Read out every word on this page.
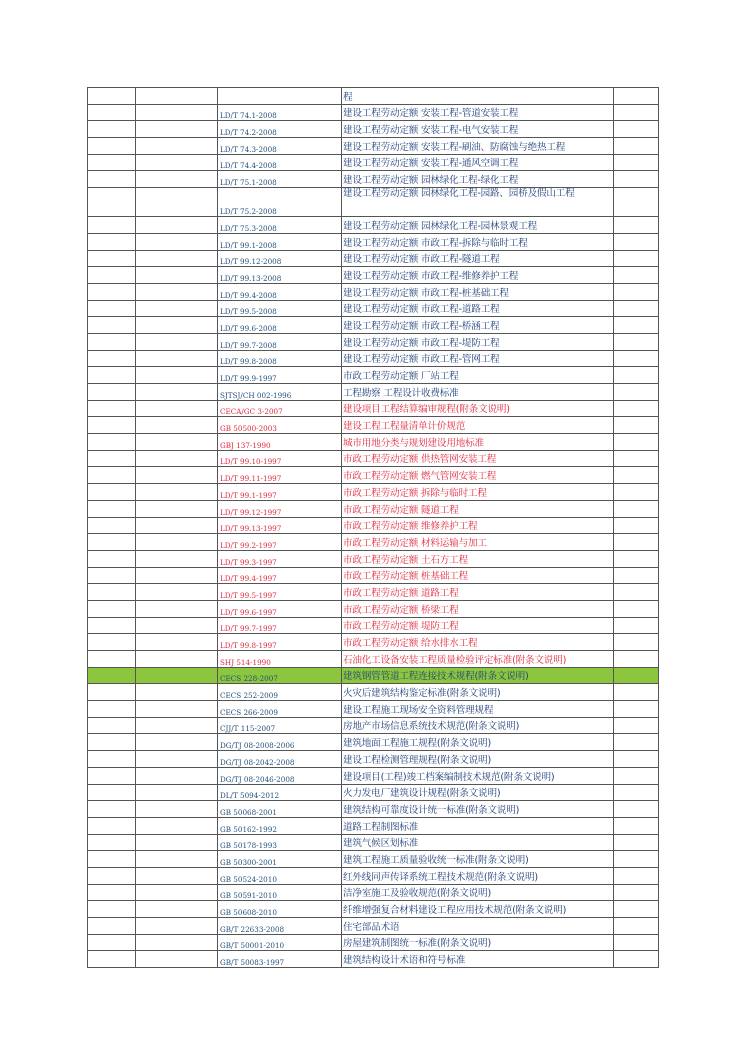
			程	
		LD/T 74.1-2008	建设工程劳动定额 安装工程-管道安装工程	
		LD/T 74.2-2008	建设工程劳动定额 安装工程-电气安装工程	
		LD/T 74.3-2008	建设工程劳动定额 安装工程-刷油、防腐蚀与绝热工程	
		LD/T 74.4-2008	建设工程劳动定额 安装工程-通风空调工程	
		LD/T 75.1-2008	建设工程劳动定额 园林绿化工程-绿化工程	
		LD/T 75.2-2008	建设工程劳动定额 园林绿化工程-园路、园桥及假山工程	
		LD/T 75.3-2008	建设工程劳动定额 园林绿化工程-园林景观工程	
		LD/T 99.1-2008	建设工程劳动定额 市政工程-拆除与临时工程	
		LD/T 99.12-2008	建设工程劳动定额 市政工程-隧道工程	
		LD/T 99.13-2008	建设工程劳动定额 市政工程-维修养护工程	
		LD/T 99.4-2008	建设工程劳动定额 市政工程-桩基础工程	
		LD/T 99.5-2008	建设工程劳动定额 市政工程-道路工程	
		LD/T 99.6-2008	建设工程劳动定额 市政工程-桥涵工程	
		LD/T 99.7-2008	建设工程劳动定额 市政工程-堤防工程	
		LD/T 99.8-2008	建设工程劳动定额 市政工程-管网工程	
		LD/T 99.9-1997	市政工程劳动定额 厂站工程	
		SJTSJ/CH 002-1996	工程勘察 工程设计收费标准	
		CECA/GC 3-2007	建设项目工程结算编审规程(附条文说明)	
		GB 50500-2003	建设工程工程量清单计价规范	
		GBJ 137-1990	城市用地分类与规划建设用地标准	
		LD/T 99.10-1997	市政工程劳动定额 供热管网安装工程	
		LD/T 99.11-1997	市政工程劳动定额 燃气管网安装工程	
		LD/T 99.1-1997	市政工程劳动定额 拆除与临时工程	
		LD/T 99.12-1997	市政工程劳动定额 隧道工程	
		LD/T 99.13-1997	市政工程劳动定额 维修养护工程	
		LD/T 99.2-1997	市政工程劳动定额 材料运输与加工	
		LD/T 99.3-1997	市政工程劳动定额 土石方工程	
		LD/T 99.4-1997	市政工程劳动定额 桩基础工程	
		LD/T 99.5-1997	市政工程劳动定额 道路工程	
		LD/T 99.6-1997	市政工程劳动定额 桥梁工程	
		LD/T 99.7-1997	市政工程劳动定额 堤防工程	
		LD/T 99.8-1997	市政工程劳动定额 给水排水工程	
		SHJ 514-1990	石油化工设备安装工程质量检验评定标准(附条文说明)	
		CECS 228-2007	建筑钢管管道工程连接技术规程(附条文说明)	
		CECS 252-2009	火灾后建筑结构鉴定标准(附条文说明)	
		CECS 266-2009	建设工程施工现场安全资料管理规程	
		CJJ/T 115-2007	房地产市场信息系统技术规范(附条文说明)	
		DG/TJ 08-2008-2006	建筑地面工程施工规程(附条文说明)	
		DG/TJ 08-2042-2008	建设工程检测管理规程(附条文说明)	
		DG/TJ 08-2046-2008	建设项目(工程)竣工档案编制技术规范(附条文说明)	
		DL/T 5094-2012	火力发电厂建筑设计规程(附条文说明)	
		GB 50068-2001	建筑结构可靠度设计统一标准(附条文说明)	
		GB 50162-1992	道路工程制图标准	
		GB 50178-1993	建筑气候区划标准	
		GB 50300-2001	建筑工程施工质量验收统一标准(附条文说明)	
		GB 50524-2010	红外线同声传译系统工程技术规范(附条文说明)	
		GB 50591-2010	洁净室施工及验收规范(附条文说明)	
		GB 50608-2010	纤维增强复合材料建设工程应用技术规范(附条文说明)	
		GB/T 22633-2008	住宅部品术语	
		GB/T 50001-2010	房屋建筑制图统一标准(附条文说明)	
		GB/T 50083-1997	建筑结构设计术语和符号标准	
